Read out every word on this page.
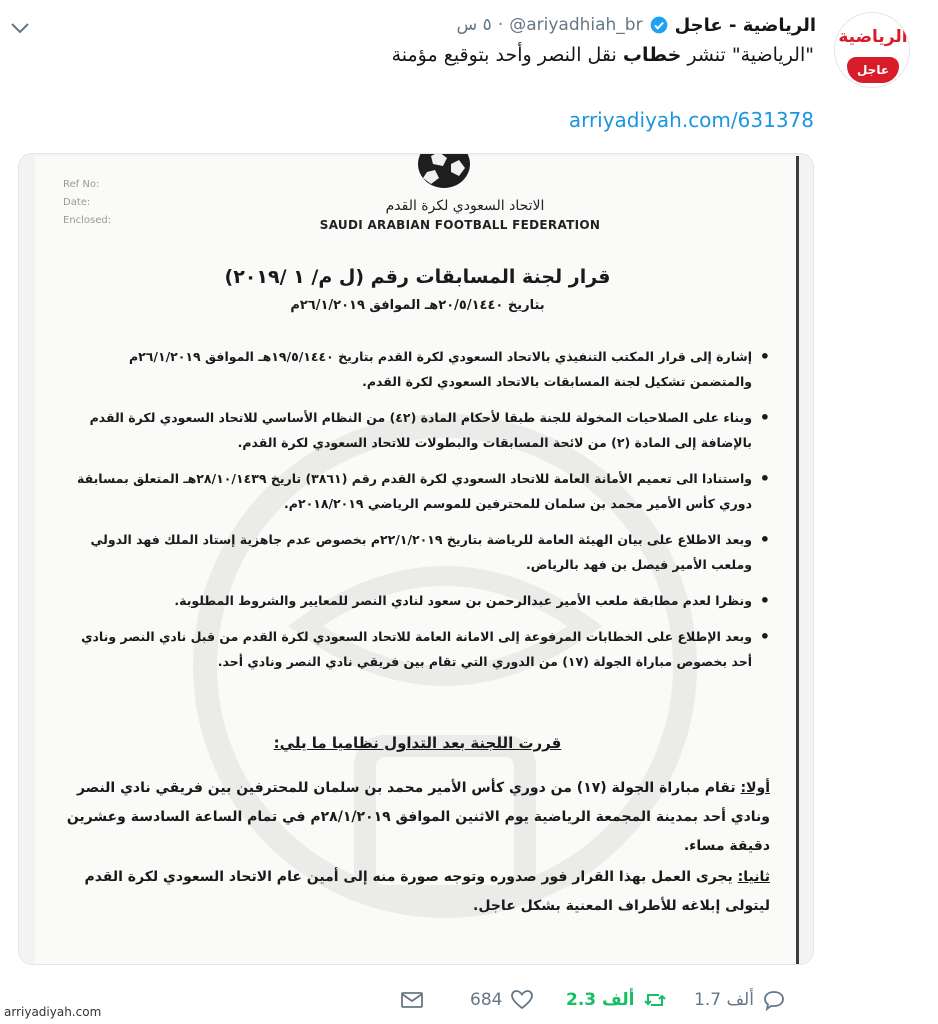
الرياضية
عاجل
الرياضية - عاجل
@ariyadhiah_br
·
٥ س
"الرياضية" تنشر خطاب نقل النصر وأحد بتوقيع مؤمنة
arriyadiyah.com/631378
Ref No:
Date:
Enclosed:
الاتحاد السعودي لكرة القدم
SAUDI ARABIAN FOOTBALL FEDERATION
قرار لجنة المسابقات رقم (ل م/ ١ /٢٠١٩)
بتاريخ ٢٠/٥/١٤٤٠هـ الموافق ٢٦/١/٢٠١٩م
• إشارة إلى قرار المكتب التنفيذي بالاتحاد السعودي لكرة القدم بتاريخ ١٩/٥/١٤٤٠هـ الموافق ٢٦/١/٢٠١٩م والمتضمن تشكيل لجنة المسابقات بالاتحاد السعودي لكرة القدم.
• وبناء على الصلاحيات المخولة للجنة طبقا لأحكام المادة (٤٢) من النظام الأساسي للاتحاد السعودي لكرة القدم بالإضافة إلى المادة (٢) من لائحة المسابقات والبطولات للاتحاد السعودي لكرة القدم.
• واستنادا الى تعميم الأمانة العامة للاتحاد السعودي لكرة القدم رقم (٣٨٦١) تاريخ ٢٨/١٠/١٤٣٩هـ المتعلق بمسابقة دوري كأس الأمير محمد بن سلمان للمحترفين للموسم الرياضي ٢٠١٨/٢٠١٩م.
• وبعد الاطلاع على بيان الهيئة العامة للرياضة بتاريخ ٢٢/١/٢٠١٩م بخصوص عدم جاهزية إستاد الملك فهد الدولي وملعب الأمير فيصل بن فهد بالرياض.
• ونظرا لعدم مطابقة ملعب الأمير عبدالرحمن بن سعود لنادي النصر للمعايير والشروط المطلوبة.
• وبعد الإطلاع على الخطابات المرفوعة إلى الامانة العامة للاتحاد السعودي لكرة القدم من قبل نادي النصر ونادي أحد بخصوص مباراة الجولة (١٧) من الدوري التي تقام بين فريقي نادي النصر ونادي أحد.
قررت اللجنة بعد التداول نظاميا ما يلي:

أولا: تقام مباراة الجولة (١٧) من دوري كأس الأمير محمد بن سلمان للمحترفين بين فريقي نادي النصر ونادي أحد بمدينة المجمعة الرياضية يوم الاثنين الموافق ٢٨/١/٢٠١٩م في تمام الساعة السادسة وعشرين دقيقة مساء.

ثانيا: يجرى العمل بهذا القرار فور صدوره وتوجه صورة منه إلى أمين عام الاتحاد السعودي لكرة القدم ليتولى إبلاغه للأطراف المعنية بشكل عاجل.

684	2.3 ألف	1.7 ألف
arriyadiyah.com
